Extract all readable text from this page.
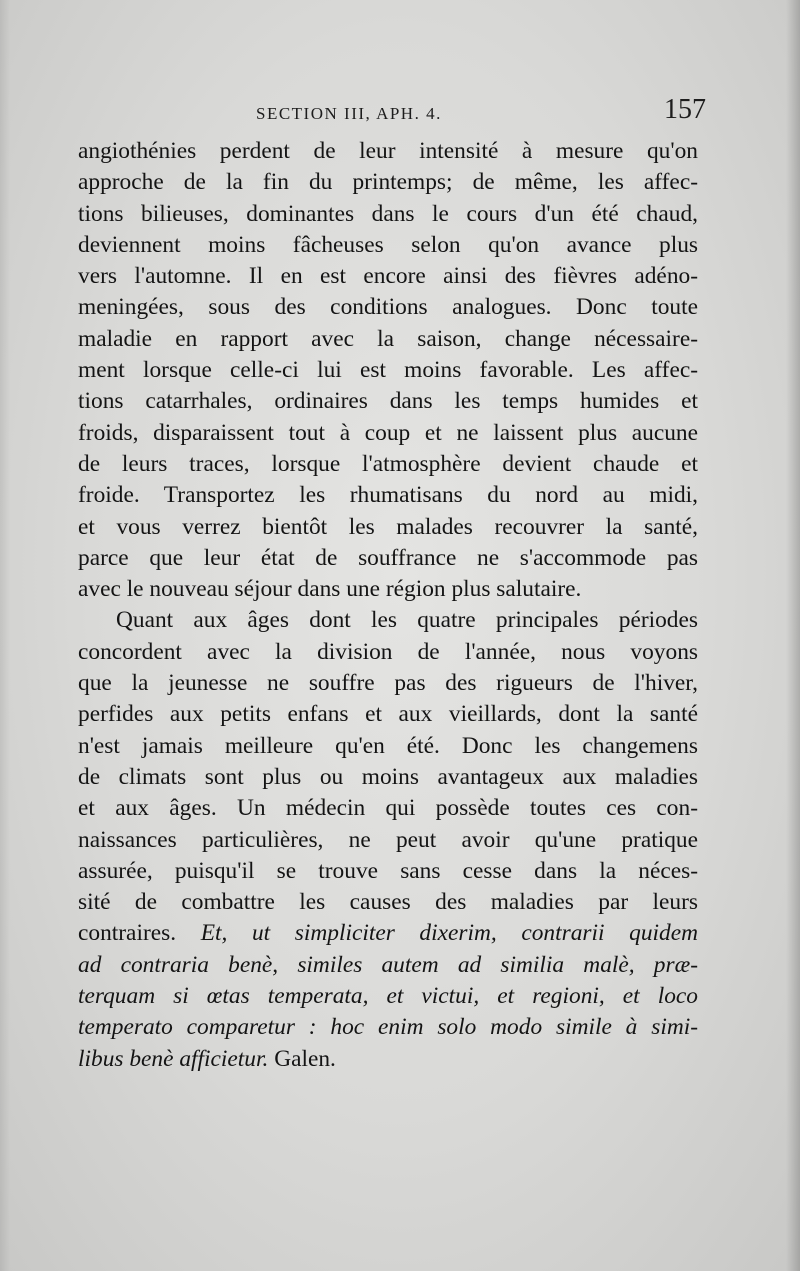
SECTION III, APH. 4.	157
angiothénies perdent de leur intensité à mesure qu'on
approche de la fin du printemps; de même, les affec-
tions bilieuses, dominantes dans le cours d'un été chaud,
deviennent moins fâcheuses selon qu'on avance plus
vers l'automne. Il en est encore ainsi des fièvres adéno-
meningées, sous des conditions analogues. Donc toute
maladie en rapport avec la saison, change nécessaire-
ment lorsque celle-ci lui est moins favorable. Les affec-
tions catarrhales, ordinaires dans les temps humides et
froids, disparaissent tout à coup et ne laissent plus aucune
de leurs traces, lorsque l'atmosphère devient chaude et
froide. Transportez les rhumatisans du nord au midi,
et vous verrez bientôt les malades recouvrer la santé,
parce que leur état de souffrance ne s'accommode pas
avec le nouveau séjour dans une région plus salutaire.
Quant aux âges dont les quatre principales périodes
concordent avec la division de l'année, nous voyons
que la jeunesse ne souffre pas des rigueurs de l'hiver,
perfides aux petits enfans et aux vieillards, dont la santé
n'est jamais meilleure qu'en été. Donc les changemens
de climats sont plus ou moins avantageux aux maladies
et aux âges. Un médecin qui possède toutes ces con-
naissances particulières, ne peut avoir qu'une pratique
assurée, puisqu'il se trouve sans cesse dans la néces-
sité de combattre les causes des maladies par leurs
contraires. Et, ut simpliciter dixerim, contrarii quidem
ad contraria benè, similes autem ad similia malè, præ-
terquam si œtas temperata, et victui, et regioni, et loco
temperato comparetur : hoc enim solo modo simile à simi-
libus benè afficietur. Galen.
